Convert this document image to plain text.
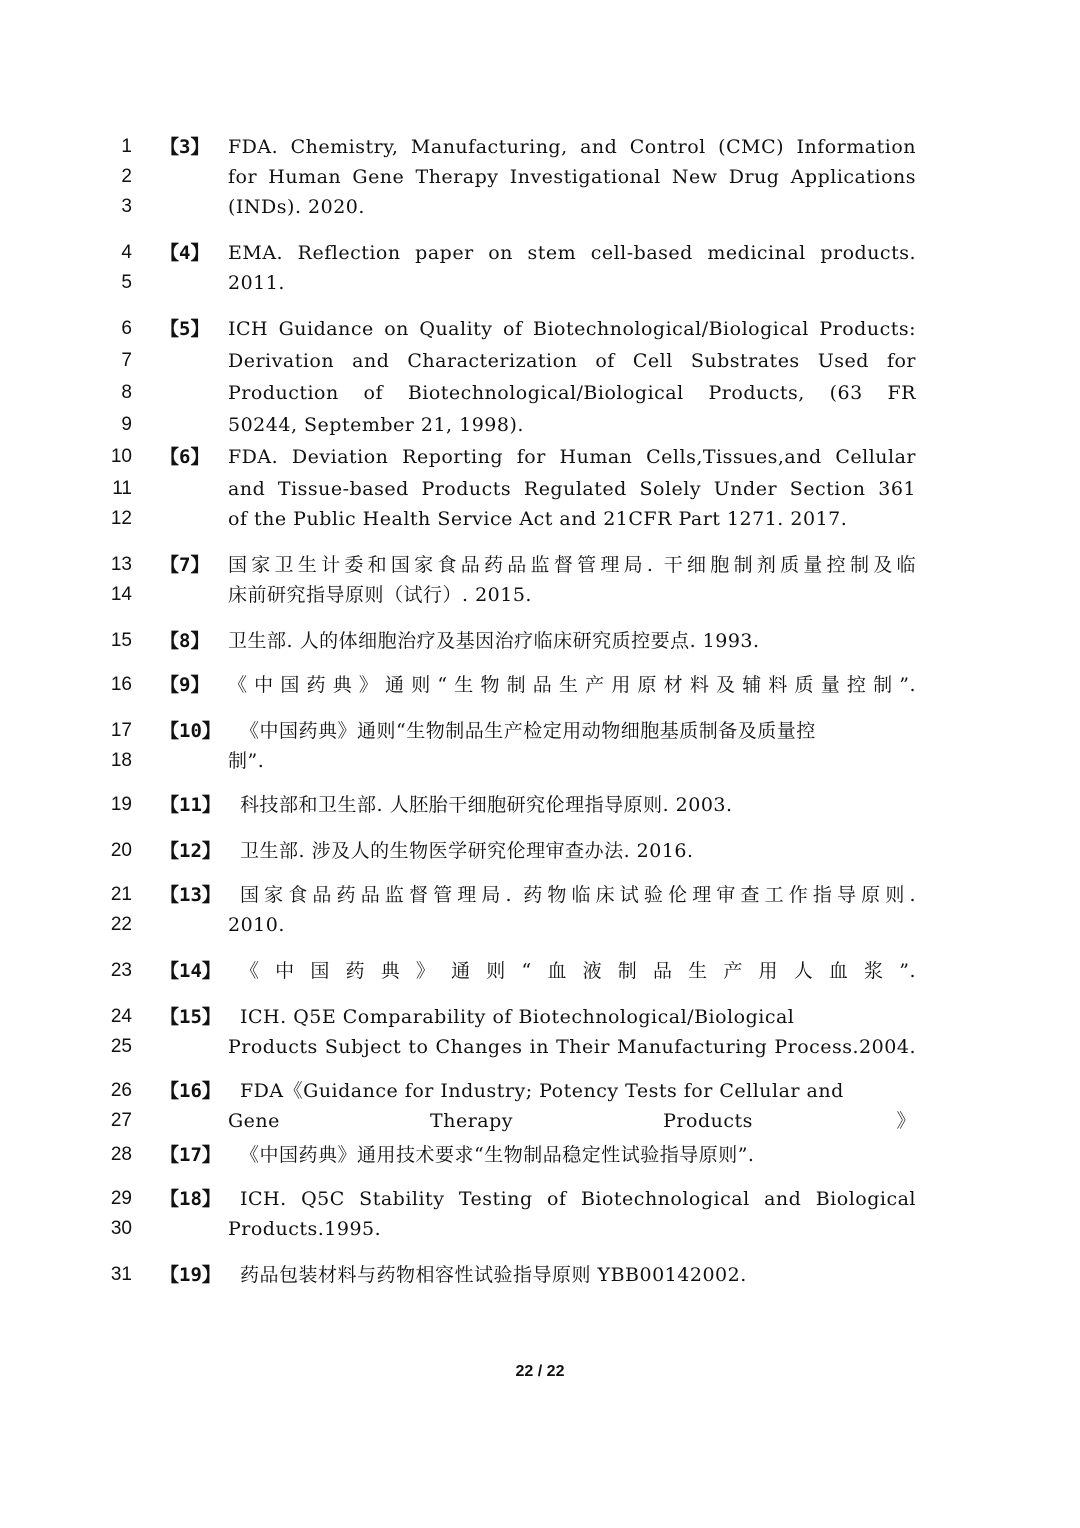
1 【3】 FDA. Chemistry, Manufacturing, and Control (CMC) Information
2	for Human Gene Therapy Investigational New Drug Applications
3	(INDs). 2020.
4 【4】 EMA. Reflection paper on stem cell-based medicinal products.
5	2011.
6 【5】 ICH Guidance on Quality of Biotechnological/Biological Products:
7	Derivation and Characterization of Cell Substrates Used for
8	Production of Biotechnological/Biological Products, (63 FR
9	50244, September 21, 1998).
10 【6】 FDA. Deviation Reporting for Human Cells,Tissues,and Cellular
11	and Tissue-based Products Regulated Solely Under Section 361
12	of the Public Health Service Act and 21CFR Part 1271. 2017.
13 【7】 国家卫生计委和国家食品药品监督管理局. 干细胞制剂质量控制及临
14	床前研究指导原则（试行）. 2015.
15 【8】 卫生部. 人的体细胞治疗及基因治疗临床研究质控要点. 1993.
16 【9】 《中国药典》通则“生物制品生产用原材料及辅料质量控制”.
17 【10】 《中国药典》通则“生物制品生产检定用动物细胞基质制备及质量控
18	制”.
19 【11】 科技部和卫生部. 人胚胎干细胞研究伦理指导原则. 2003.
20 【12】 卫生部. 涉及人的生物医学研究伦理审查办法. 2016.
21 【13】 国家食品药品监督管理局. 药物临床试验伦理审查工作指导原则.
22	2010.
23 【14】 《中国药典》通则“血液制品生产用人血浆”.
24 【15】 ICH. Q5E Comparability of Biotechnological/Biological
25	Products Subject to Changes in Their Manufacturing Process.2004.
26 【16】 FDA《Guidance for Industry; Potency Tests for Cellular and
27	Gene Therapy Products》
28 【17】 《中国药典》通用技术要求“生物制品稳定性试验指导原则”.
29 【18】 ICH. Q5C Stability Testing of Biotechnological and Biological
30	Products.1995.
31 【19】 药品包装材料与药物相容性试验指导原则 YBB00142002.
22 / 22
